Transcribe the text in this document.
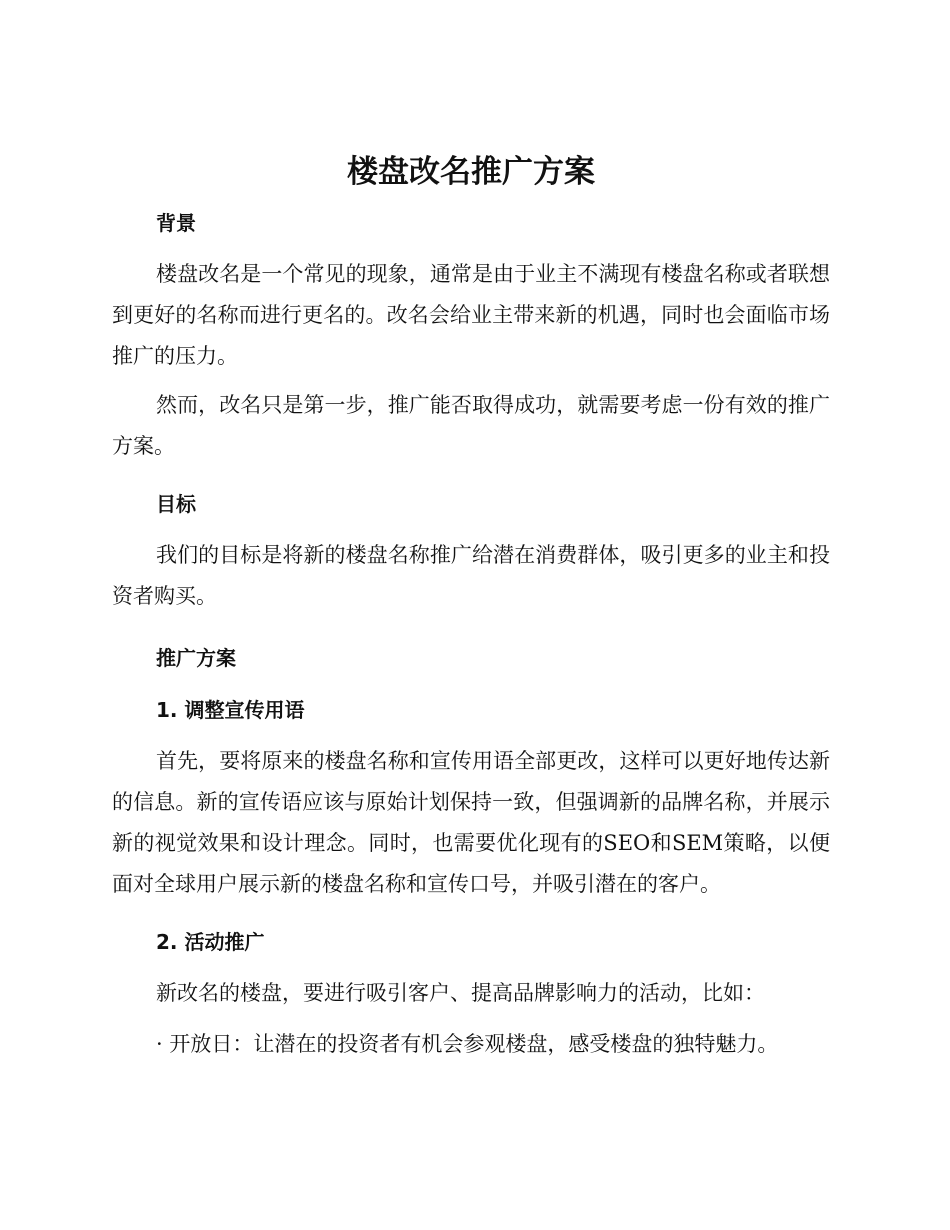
楼盘改名推广方案
背景

楼盘改名是一个常见的现象，通常是由于业主不满现有楼盘名称或者联想到更好的名称而进行更名的。改名会给业主带来新的机遇，同时也会面临市场推广的压力。

然而，改名只是第一步，推广能否取得成功，就需要考虑一份有效的推广方案。

目标

我们的目标是将新的楼盘名称推广给潜在消费群体，吸引更多的业主和投资者购买。

推广方案
1. 调整宣传用语

首先，要将原来的楼盘名称和宣传用语全部更改，这样可以更好地传达新的信息。新的宣传语应该与原始计划保持一致，但强调新的品牌名称，并展示新的视觉效果和设计理念。同时，也需要优化现有的SEO和SEM策略，以便面对全球用户展示新的楼盘名称和宣传口号，并吸引潜在的客户。

2. 活动推广

新改名的楼盘，要进行吸引客户、提高品牌影响力的活动，比如：

· 开放日：让潜在的投资者有机会参观楼盘，感受楼盘的独特魅力。
